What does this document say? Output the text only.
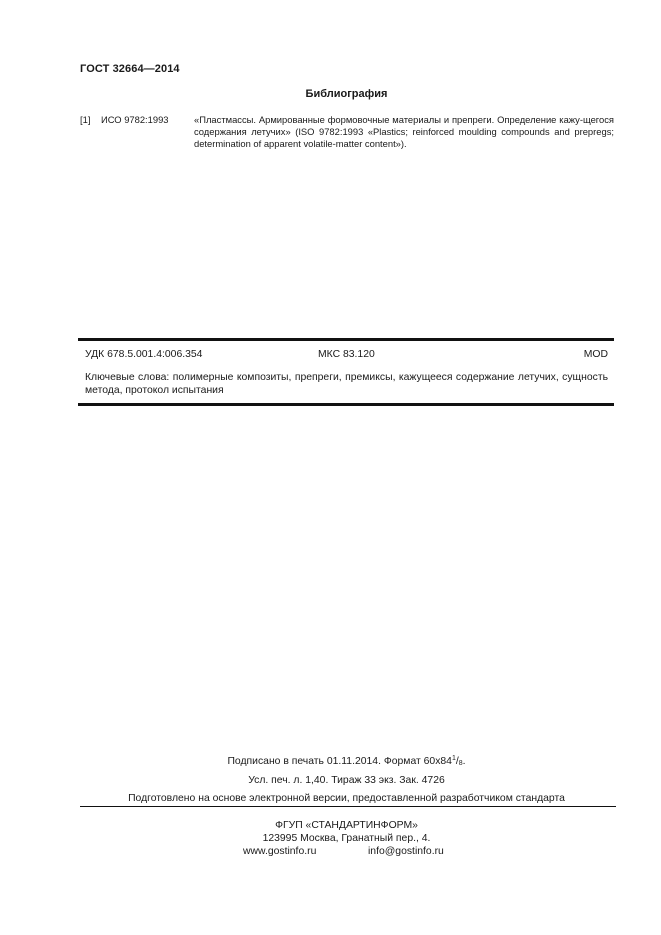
ГОСТ 32664—2014
Библиография
[1] ИСО 9782:1993	«Пластмассы. Армированные формовочные материалы и препреги. Определение кажу-щегося содержания летучих» (ISO 9782:1993 «Plastics; reinforced moulding compounds and prepregs; determination of apparent volatile-matter content»).

УДК 678.5.001.4:006.354	МКС 83.120	MOD

Ключевые слова: полимерные композиты, препреги, премиксы, кажущееся содержание летучих, сущность метода, протокол испытания

Подписано в печать 01.11.2014. Формат $60x84^1/_8$.
Усл. печ. л. 1,40. Тираж 33 экз. Зак. 4726
Подготовлено на основе электронной версии, предоставленной разработчиком стандарта
ФГУП «СТАНДАРТИНФОРМ»
123995 Москва, Гранатный пер., 4.
www.gostinfo.ru	info@gostinfo.ru
